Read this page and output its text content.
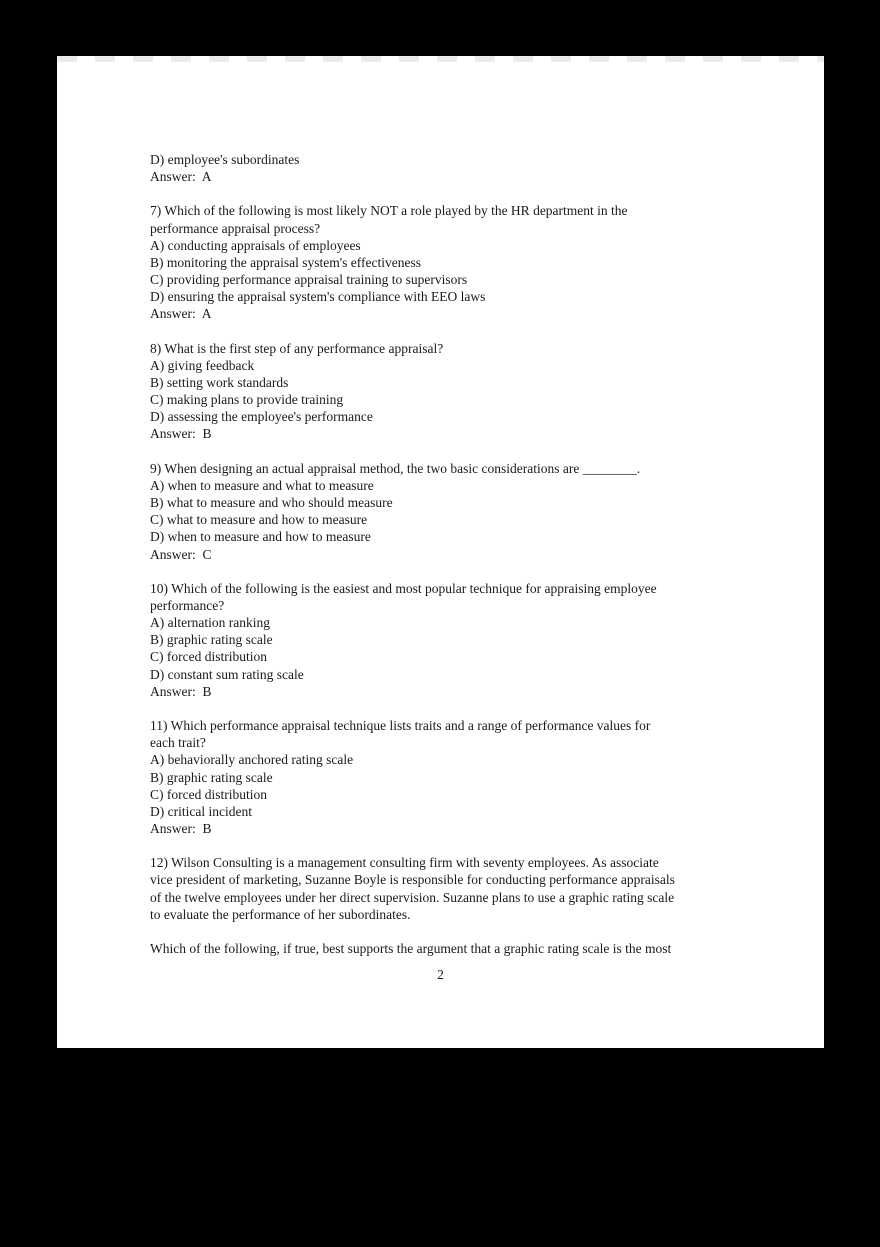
D) employee's subordinates
Answer:  A
7) Which of the following is most likely NOT a role played by the HR department in the
performance appraisal process?
A) conducting appraisals of employees
B) monitoring the appraisal system's effectiveness
C) providing performance appraisal training to supervisors
D) ensuring the appraisal system's compliance with EEO laws
Answer:  A
8) What is the first step of any performance appraisal?
A) giving feedback
B) setting work standards
C) making plans to provide training
D) assessing the employee's performance
Answer:  B
9) When designing an actual appraisal method, the two basic considerations are ________.
A) when to measure and what to measure
B) what to measure and who should measure
C) what to measure and how to measure
D) when to measure and how to measure
Answer:  C
10) Which of the following is the easiest and most popular technique for appraising employee
performance?
A) alternation ranking
B) graphic rating scale
C) forced distribution
D) constant sum rating scale
Answer:  B
11) Which performance appraisal technique lists traits and a range of performance values for
each trait?
A) behaviorally anchored rating scale
B) graphic rating scale
C) forced distribution
D) critical incident
Answer:  B
12) Wilson Consulting is a management consulting firm with seventy employees. As associate
vice president of marketing, Suzanne Boyle is responsible for conducting performance appraisals
of the twelve employees under her direct supervision. Suzanne plans to use a graphic rating scale
to evaluate the performance of her subordinates.
Which of the following, if true, best supports the argument that a graphic rating scale is the most
2
